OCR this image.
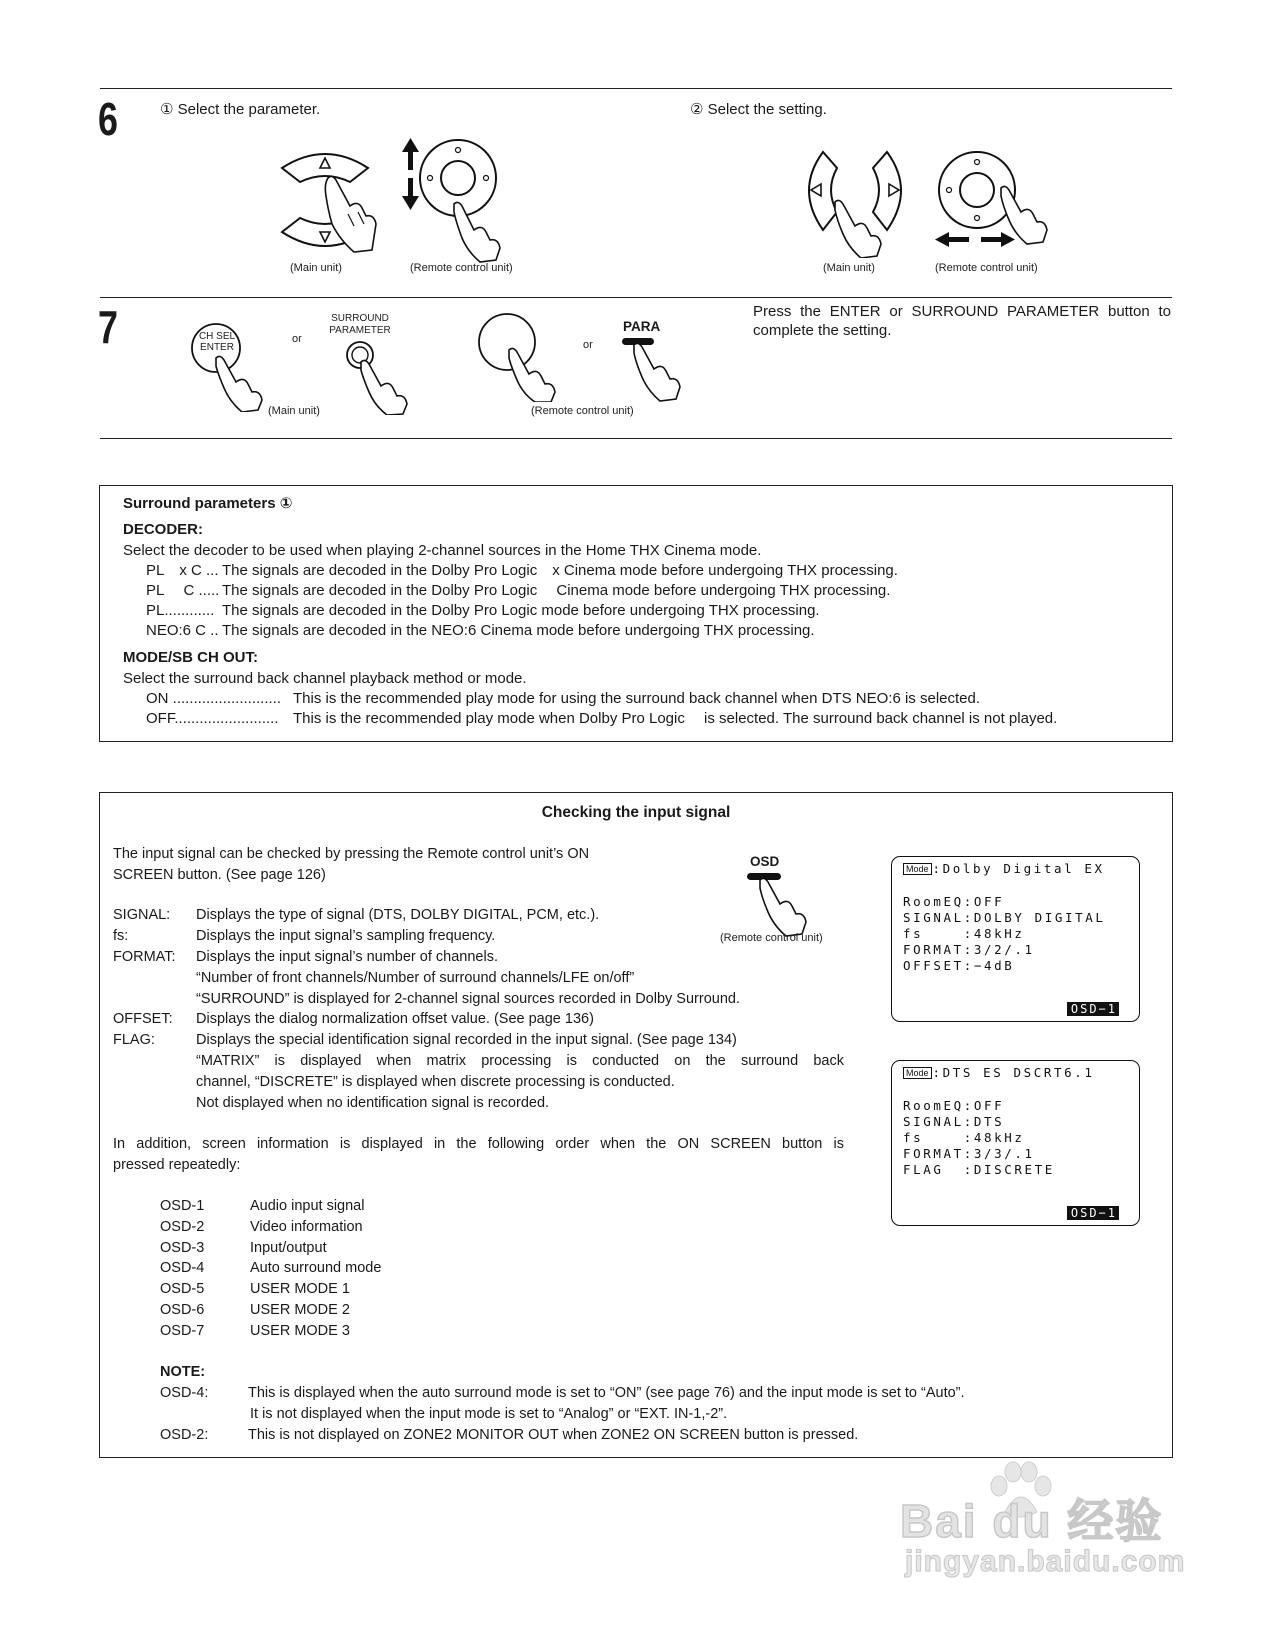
6	① Select the parameter.	② Select the setting.
(Main unit)	(Remote control unit)	(Main unit)	(Remote control unit)
7	CH SEL
ENTER
or
SURROUND
PARAMETER
or
PARA
(Main unit)	(Remote control unit)
Press the ENTER or SURROUND PARAMETER button to complete the setting.
Surround parameters ①
DECODER:
Select the decoder to be used when playing 2-channel sources in the Home THX Cinema mode.
PL x C ... The signals are decoded in the Dolby Pro Logic x Cinema mode before undergoing THX processing.
PL  C ..... The signals are decoded in the Dolby Pro Logic  Cinema mode before undergoing THX processing.
PL............ The signals are decoded in the Dolby Pro Logic mode before undergoing THX processing.
NEO:6 C .. The signals are decoded in the NEO:6 Cinema mode before undergoing THX processing.
MODE/SB CH OUT:
Select the surround back channel playback method or mode.
ON .......................... This is the recommended play mode for using the surround back channel when DTS NEO:6 is selected.
OFF......................... This is the recommended play mode when Dolby Pro Logic  is selected. The surround back channel is not played.
Checking the input signal
The input signal can be checked by pressing the Remote control unit’s ON
SCREEN button. (See page 126)
OSD
(Remote control unit)
SIGNAL: Displays the type of signal (DTS, DOLBY DIGITAL, PCM, etc.).
fs:	Displays the input signal’s sampling frequency.
FORMAT: Displays the input signal’s number of channels.
“Number of front channels/Number of surround channels/LFE on/off”
“SURROUND” is displayed for 2-channel signal sources recorded in Dolby Surround.
OFFSET: Displays the dialog normalization offset value. (See page 136)
FLAG:	Displays the special identification signal recorded in the input signal. (See page 134)
“MATRIX” is displayed when matrix processing is conducted on the surround back
channel, “DISCRETE” is displayed when discrete processing is conducted.
Not displayed when no identification signal is recorded.
In addition, screen information is displayed in the following order when the ON SCREEN button is
pressed repeatedly:
OSD-1	Audio input signal
OSD-2	Video information
OSD-3	Input/output
OSD-4	Auto surround mode
OSD-5	USER MODE 1
OSD-6	USER MODE 2
OSD-7	USER MODE 3
NOTE:
OSD-4:	This is displayed when the auto surround mode is set to “ON” (see page 76) and the input mode is set to “Auto”.
It is not displayed when the input mode is set to “Analog” or “EXT. IN-1,-2”.
OSD-2:	This is not displayed on ZONE2 MONITOR OUT when ZONE2 ON SCREEN button is pressed.
Mode :Dolby Digital EX
RoomEQ:OFF
SIGNAL:DOLBY DIGITAL
fs    :48kHz
FORMAT:3/2/.1
OFFSET:−4dB
OSD−1
Mode :DTS ES DSCRT6.1
RoomEQ:OFF
SIGNAL:DTS
fs    :48kHz
FORMAT:3/3/.1
FLAG  :DISCRETE
OSD−1
Bai du 经验
jingyan.baidu.com
